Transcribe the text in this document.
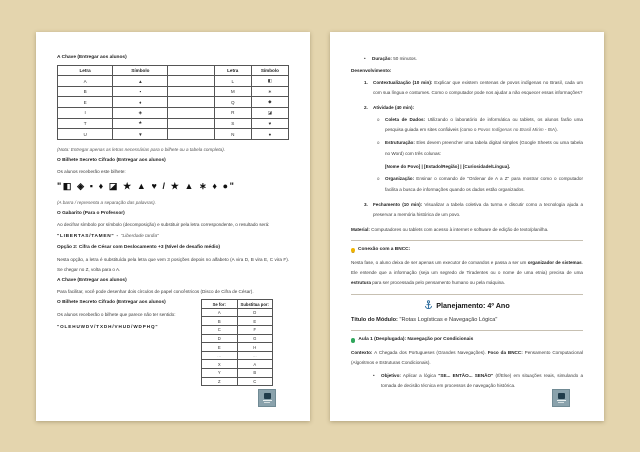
A Chave (Entregar aos alunos)
Letra	Símbolo		Letra	Símbolo
A	▲		L	◧
B	▪		M	∗
E	♦		Q	◆
I	◈		R	◪
T	★		S	♥
U	▼		N	●
(Nota: Entregar apenas as letras necessárias para o bilhete ou a tabela completa).
O Bilhete Secreto Cifrado (Entregar aos alunos)
Os alunos receberão este bilhete:
"◧ ◈ ▪ ♦ ◪ ★ ▲ ♥ / ★ ▲ ∗ ♦ ●"
(A barra / representa a separação das palavras).
O Gabarito (Para o Professor)
Ao decifrar símbolo por símbolo (decomposição) e substituir pela letra correspondente, o resultado será:
"LIBERTAS/TAMEN" - "Liberdade tardia"
Opção 2: Cifra de César com Deslocamento +3 (Nível de desafio médio)
Nesta opção, a letra é substituída pela letra que vem 3 posições depois no alfabeto (A vira D, B vira E, C vira F). Se chegar no Z, volta para o A.
A Chave (Entregar aos alunos)
Para facilitar, você pode desenhar dois círculos de papel concêntricos (Disco de Cifra de César).
O Bilhete Secreto Cifrado (Entregar aos alunos)
Os alunos receberão o bilhete que parece não ter sentido:
"OLEHUWDV/TXDH/VHUD/WDPHQ"
Se for:	Substitua por:
A	D
B	E
C	F
D	G
E	H
…	…
X	A
Y	B
Z	C
•	Duração: 50 minutos.
Desenvolvimento:
1.	Contextualização (10 min): Explicar que existem centenas de povos indígenas no Brasil, cada um com sua língua e costumes. Como o computador pode nos ajudar a não esquecer essas informações?
2.	Atividade (40 min):
o	Coleta de Dados: Utilizando o laboratório de informática ou tablets, os alunos farão uma pesquisa guiada em sites confiáveis (como o Povos Indígenas no Brasil Mirim - ISA).
o	Estruturação: Eles devem preencher uma tabela digital simples (Google Sheets ou uma tabela no Word) com três colunas:
[Nome do Povo] | [Estado/Região] | [Curiosidade/Língua].
o	Organização: Ensinar o comando de "Ordenar de A a Z" para mostrar como o computador facilita a busca de informações quando os dados estão organizados.
3.	Fechamento (10 min): Visualizar a tabela coletiva da turma e discutir como a tecnologia ajuda a preservar a memória histórica de um povo.
Material: Computadores ou tablets com acesso à internet e software de edição de texto/planilha.
Conexão com a BNCC:
Nesta fase, o aluno deixa de ser apenas um executor de comandos e passa a ser um organizador de sistemas. Ele entende que a informação (seja um segredo de Tiradentes ou o nome de uma etnia) precisa de uma estrutura para ser processada pelo pensamento humano ou pela máquina.
Planejamento: 4º Ano
Título do Módulo: "Rotas Logísticas e Navegação Lógica"
Aula 1 (Desplugada): Navegação por Condicionais
Contexto: A Chegada dos Portugueses (Grandes Navegações). Foco da BNCC: Pensamento Computacional (Algoritmos e Estruturas Condicionais).
•	Objetivo: Aplicar a lógica "SE... ENTÃO... SENÃO" (If/Else) em situações reais, simulando a tomada de decisão técnica em processos de navegação histórica.
